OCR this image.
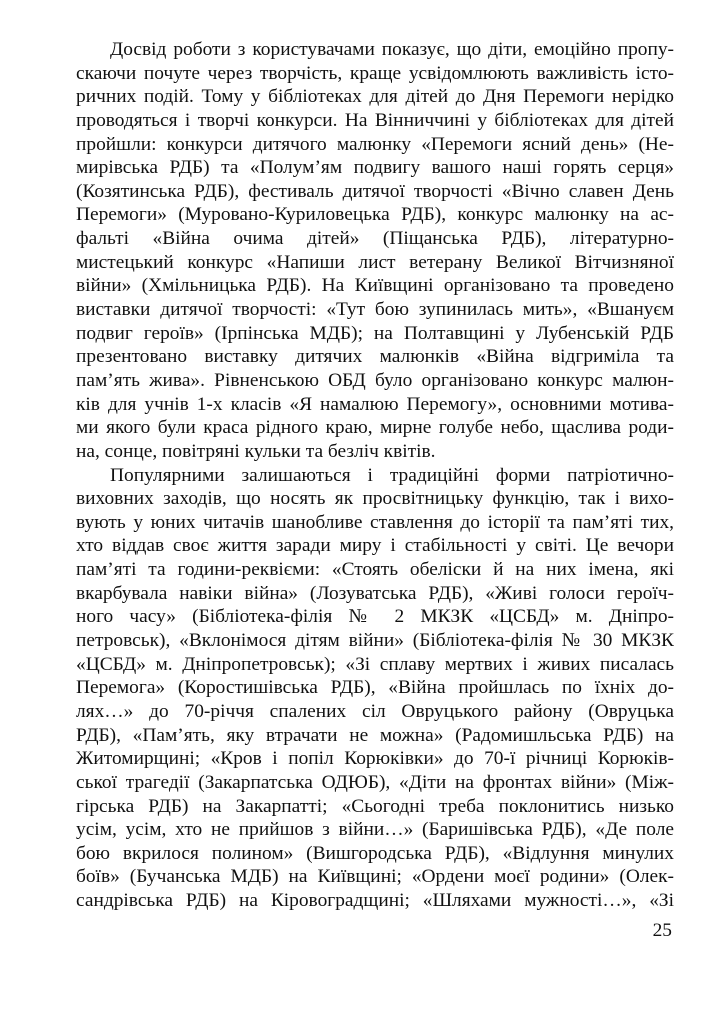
Досвід роботи з користувачами показує, що діти, емоційно пропу-
скаючи почуте через творчість, краще усвідомлюють важливість істо-
ричних подій. Тому у бібліотеках для дітей до Дня Перемоги нерідко
проводяться і творчі конкурси. На Вінниччині у бібліотеках для дітей
пройшли: конкурси дитячого малюнку «Перемоги ясний день» (Не-
мирівська РДБ) та «Полум’ям подвигу вашого наші горять серця»
(Козятинська РДБ), фестиваль дитячої творчості «Вічно славен День
Перемоги» (Мурoвано-Куриловецька РДБ), конкурс малюнку на ас-
фальті «Війна очима дітей» (Піщанська РДБ), літературно-
мистецький конкурс «Напиши лист ветерану Великої Вітчизняної
війни» (Хмільницька РДБ). На Київщині організовано та проведено
виставки дитячої творчості: «Тут бою зупинилась мить», «Вшануєм
подвиг героїв» (Ірпінська МДБ); на Полтавщині у Лубенській РДБ
презентовано виставку дитячих малюнків «Війна відгриміла та
пам’ять жива». Рівненською ОБД було організовано конкурс малюн-
ків для учнів 1-х класів «Я намалюю Перемогу», основними мотива-
ми якого були краса рідного краю, мирне голубе небо, щаслива роди-
на, сонце, повітряні кульки та безліч квітів.
Популярними залишаються і традиційні форми патріотично-
виховних заходів, що носять як просвітницьку функцію, так і вихо-
вують у юних читачів шанобливе ставлення до історії та пам’яті тих,
хто віддав своє життя заради миру і стабільності у світі. Це вечори
пам’яті та години-реквієми: «Стоять обеліски й на них імена, які
вкарбувала навіки війна» (Лозуватська РДБ), «Живі голоси героїч-
ного часу» (Бібліотека-філія № 2 МКЗК «ЦСБД» м. Дніпро-
петровськ), «Вклонімося дітям війни» (Бібліотека-філія № 30 МКЗК
«ЦСБД» м. Дніпропетровськ); «Зі сплаву мертвих і живих писалась
Перемога» (Коростишівська РДБ), «Війна пройшлась по їхніх до-
лях…» до 70-річчя спалених сіл Овруцького району (Овруцька
РДБ), «Пам’ять, яку втрачати не можна» (Радомишльська РДБ) на
Житомирщині; «Кров і попіл Корюківки» до 70-ї річниці Корюків-
ської трагедії (Закарпатська ОДЮБ), «Діти на фронтах війни» (Між-
гірська РДБ) на Закарпатті; «Сьогодні треба поклонитись низько
усім, усім, хто не прийшов з війни…» (Баришівська РДБ), «Де поле
бою вкрилося полином» (Вишгородська РДБ), «Відлуння минулих
боїв» (Бучанська МДБ) на Київщині; «Ордени моєї родини» (Олек-
сандрівська РДБ) на Кіровоградщині; «Шляхами мужності…», «Зі
25
